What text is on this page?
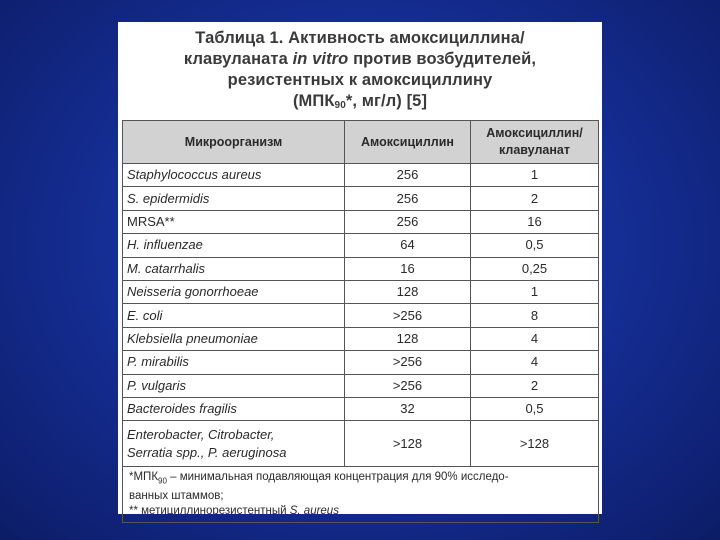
Таблица 1. Активность амоксициллина/
клавуланата in vitro против возбудителей,
резистентных к амоксициллину
($МПК_{90}*$, мг/л) [5]
Микроорганизм	Амоксициллин	Амоксициллин/ клавуланат
Staphylococcus aureus	256	1
S. epidermidis	256	2
MRSA**	256	16
H. influenzae	64	0,5
M. catarrhalis	16	0,25
Neisseria gonorrhoeae	128	1
E. coli	>256	8
Klebsiella pneumoniae	128	4
P. mirabilis	>256	4
P. vulgaris	>256	2
Bacteroides fragilis	32	0,5
Enterobacter, Citrobacter,
Serratia spp., P. aeruginosa	>128	>128

$*МПК_{90}$ – минимальная подавляющая концентрация для 90% исследо-
ванных штаммов;
** метициллинорезистентный S. aureus		
